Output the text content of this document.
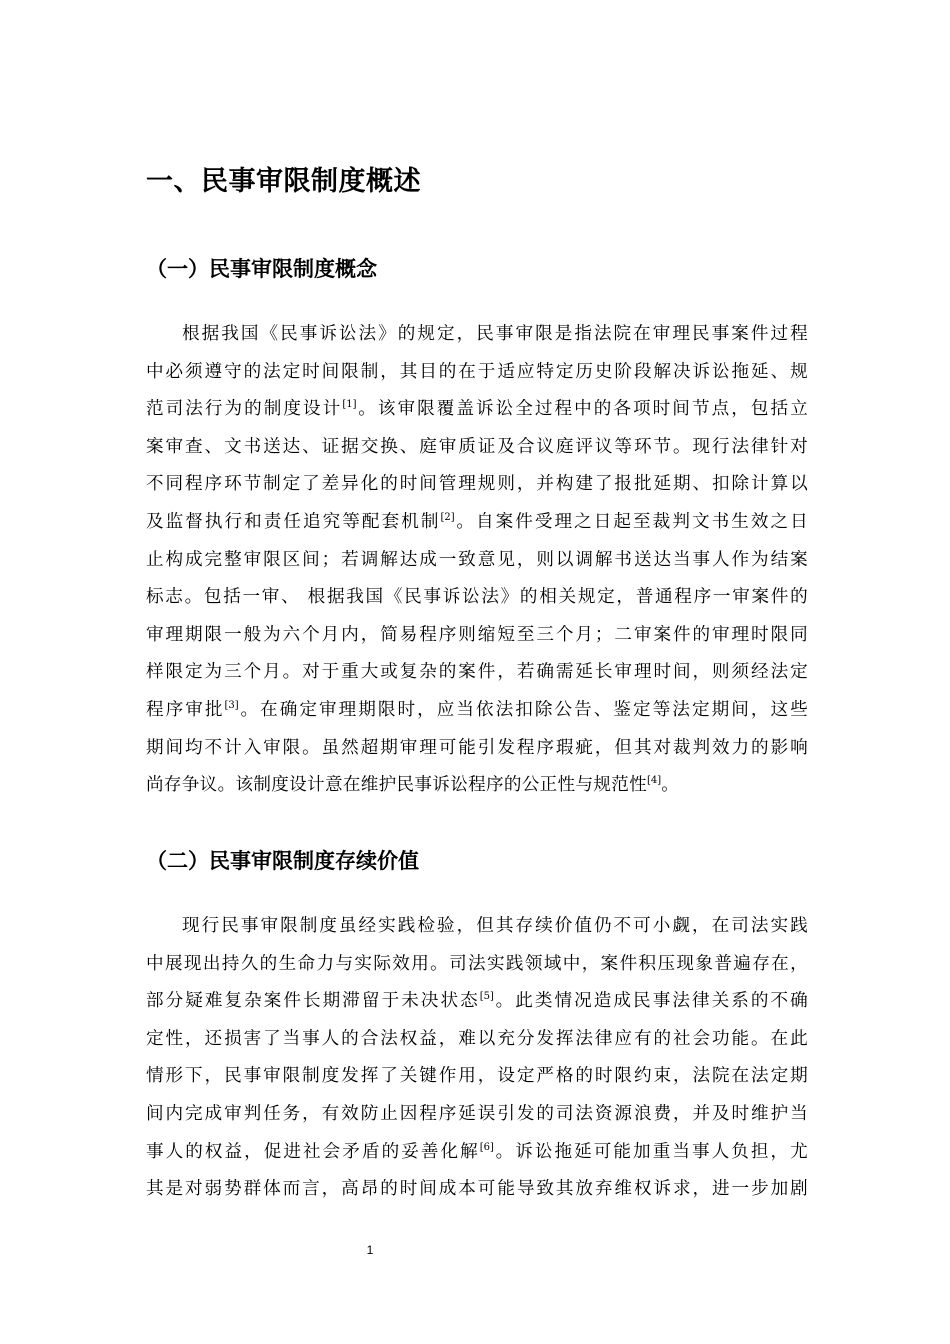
一、民事审限制度概述
（一）民事审限制度概念
根据我国《民事诉讼法》的规定，民事审限是指法院在审理民事案件过程
中必须遵守的法定时间限制，其目的在于适应特定历史阶段解决诉讼拖延、规
范司法行为的制度设计[1]。该审限覆盖诉讼全过程中的各项时间节点，包括立
案审查、文书送达、证据交换、庭审质证及合议庭评议等环节。现行法律针对
不同程序环节制定了差异化的时间管理规则，并构建了报批延期、扣除计算以
及监督执行和责任追究等配套机制[2]。自案件受理之日起至裁判文书生效之日
止构成完整审限区间；若调解达成一致意见，则以调解书送达当事人作为结案
标志。包括一审、 根据我国《民事诉讼法》的相关规定，普通程序一审案件的
审理期限一般为六个月内，简易程序则缩短至三个月；二审案件的审理时限同
样限定为三个月。对于重大或复杂的案件，若确需延长审理时间，则须经法定
程序审批[3]。在确定审理期限时，应当依法扣除公告、鉴定等法定期间，这些
期间均不计入审限。虽然超期审理可能引发程序瑕疵，但其对裁判效力的影响
尚存争议。该制度设计意在维护民事诉讼程序的公正性与规范性[4]。
（二）民事审限制度存续价值
现行民事审限制度虽经实践检验，但其存续价值仍不可小觑，在司法实践
中展现出持久的生命力与实际效用。司法实践领域中，案件积压现象普遍存在，
部分疑难复杂案件长期滞留于未决状态[5]。此类情况造成民事法律关系的不确
定性，还损害了当事人的合法权益，难以充分发挥法律应有的社会功能。在此
情形下，民事审限制度发挥了关键作用，设定严格的时限约束，法院在法定期
间内完成审判任务，有效防止因程序延误引发的司法资源浪费，并及时维护当
事人的权益，促进社会矛盾的妥善化解[6]。诉讼拖延可能加重当事人负担，尤
其是对弱势群体而言，高昂的时间成本可能导致其放弃维权诉求，进一步加剧
1
